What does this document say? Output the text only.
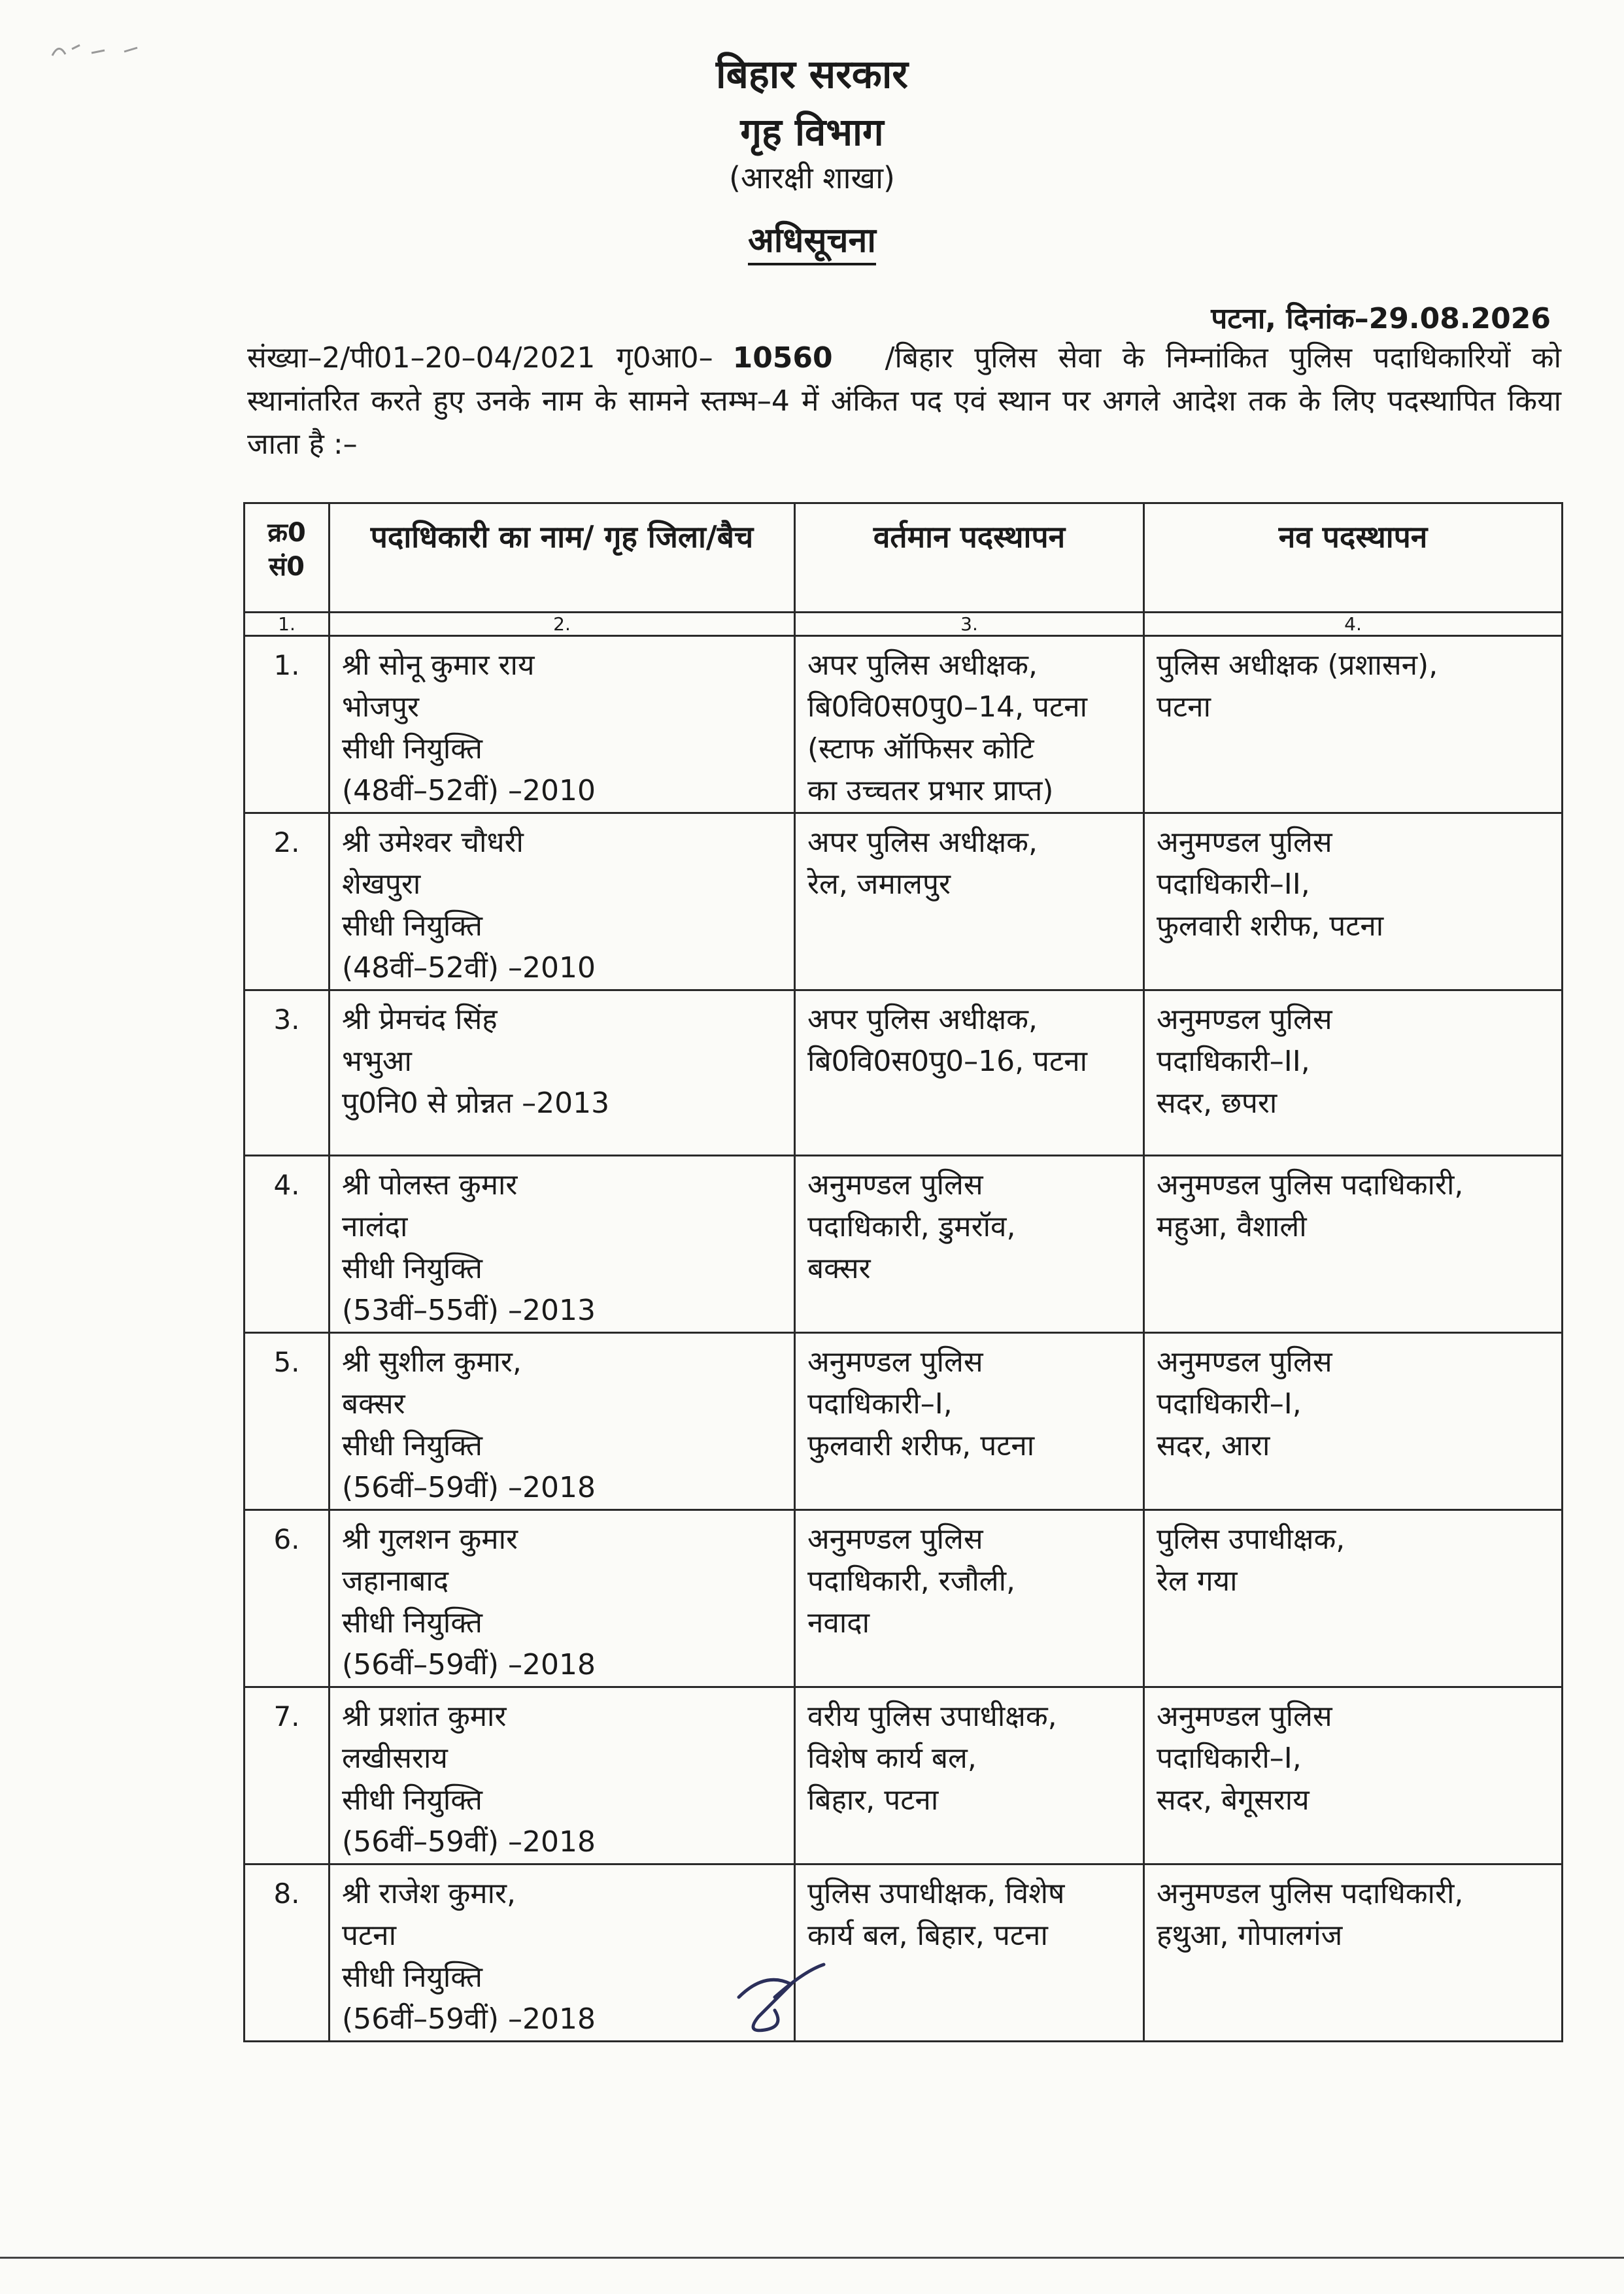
बिहार सरकार
गृह विभाग
(आरक्षी शाखा)
अधिसूचना
पटना, दिनांक–29.08.2026
संख्या–2/पी01–20–04/2021 गृ0आ0– 10560 /बिहार पुलिस सेवा के निम्नांकित पुलिस पदाधिकारियों को स्थानांतरित करते हुए उनके नाम के सामने स्तम्भ–4 में अंकित पद एवं स्थान पर अगले आदेश तक के लिए पदस्थापित किया जाता है :–
क्र0 सं0	पदाधिकारी का नाम/ गृह जिला/बैच	वर्तमान पदस्थापन	नव पदस्थापन
1.	2.	3.	4.
1.	श्री सोनू कुमार राय
भोजपुर
सीधी नियुक्ति
(48वीं–52वीं) –2010	अपर पुलिस अधीक्षक,
बि0वि0स0पु0–14, पटना
(स्टाफ ऑफिसर कोटि
का उच्चतर प्रभार प्राप्त)	पुलिस अधीक्षक (प्रशासन),
पटना

2.	श्री उमेश्वर चौधरी
शेखपुरा
सीधी नियुक्ति
(48वीं–52वीं) –2010	अपर पुलिस अधीक्षक,
रेल, जमालपुर	अनुमण्डल पुलिस
पदाधिकारी–II,
फुलवारी शरीफ, पटना

3.	श्री प्रेमचंद सिंह
भभुआ
पु0नि0 से प्रोन्नत –2013	अपर पुलिस अधीक्षक,
बि0वि0स0पु0–16, पटना	अनुमण्डल पुलिस
पदाधिकारी–II,
सदर, छपरा

4.	श्री पोलस्त कुमार
नालंदा
सीधी नियुक्ति
(53वीं–55वीं) –2013	अनुमण्डल पुलिस
पदाधिकारी, डुमरॉव,
बक्सर	अनुमण्डल पुलिस पदाधिकारी,
महुआ, वैशाली

5.	श्री सुशील कुमार,
बक्सर
सीधी नियुक्ति
(56वीं–59वीं) –2018	अनुमण्डल पुलिस
पदाधिकारी–I,
फुलवारी शरीफ, पटना	अनुमण्डल पुलिस
पदाधिकारी–I,
सदर, आरा

6.	श्री गुलशन कुमार
जहानाबाद
सीधी नियुक्ति
(56वीं–59वीं) –2018	अनुमण्डल पुलिस
पदाधिकारी, रजौली,
नवादा	पुलिस उपाधीक्षक,
रेल गया

7.	श्री प्रशांत कुमार
लखीसराय
सीधी नियुक्ति
(56वीं–59वीं) –2018	वरीय पुलिस उपाधीक्षक,
विशेष कार्य बल,
बिहार, पटना	अनुमण्डल पुलिस
पदाधिकारी–I,
सदर, बेगूसराय

8.	श्री राजेश कुमार,
पटना
सीधी नियुक्ति
(56वीं–59वीं) –2018	पुलिस उपाधीक्षक, विशेष
कार्य बल, बिहार, पटना	अनुमण्डल पुलिस पदाधिकारी,
हथुआ, गोपालगंज
